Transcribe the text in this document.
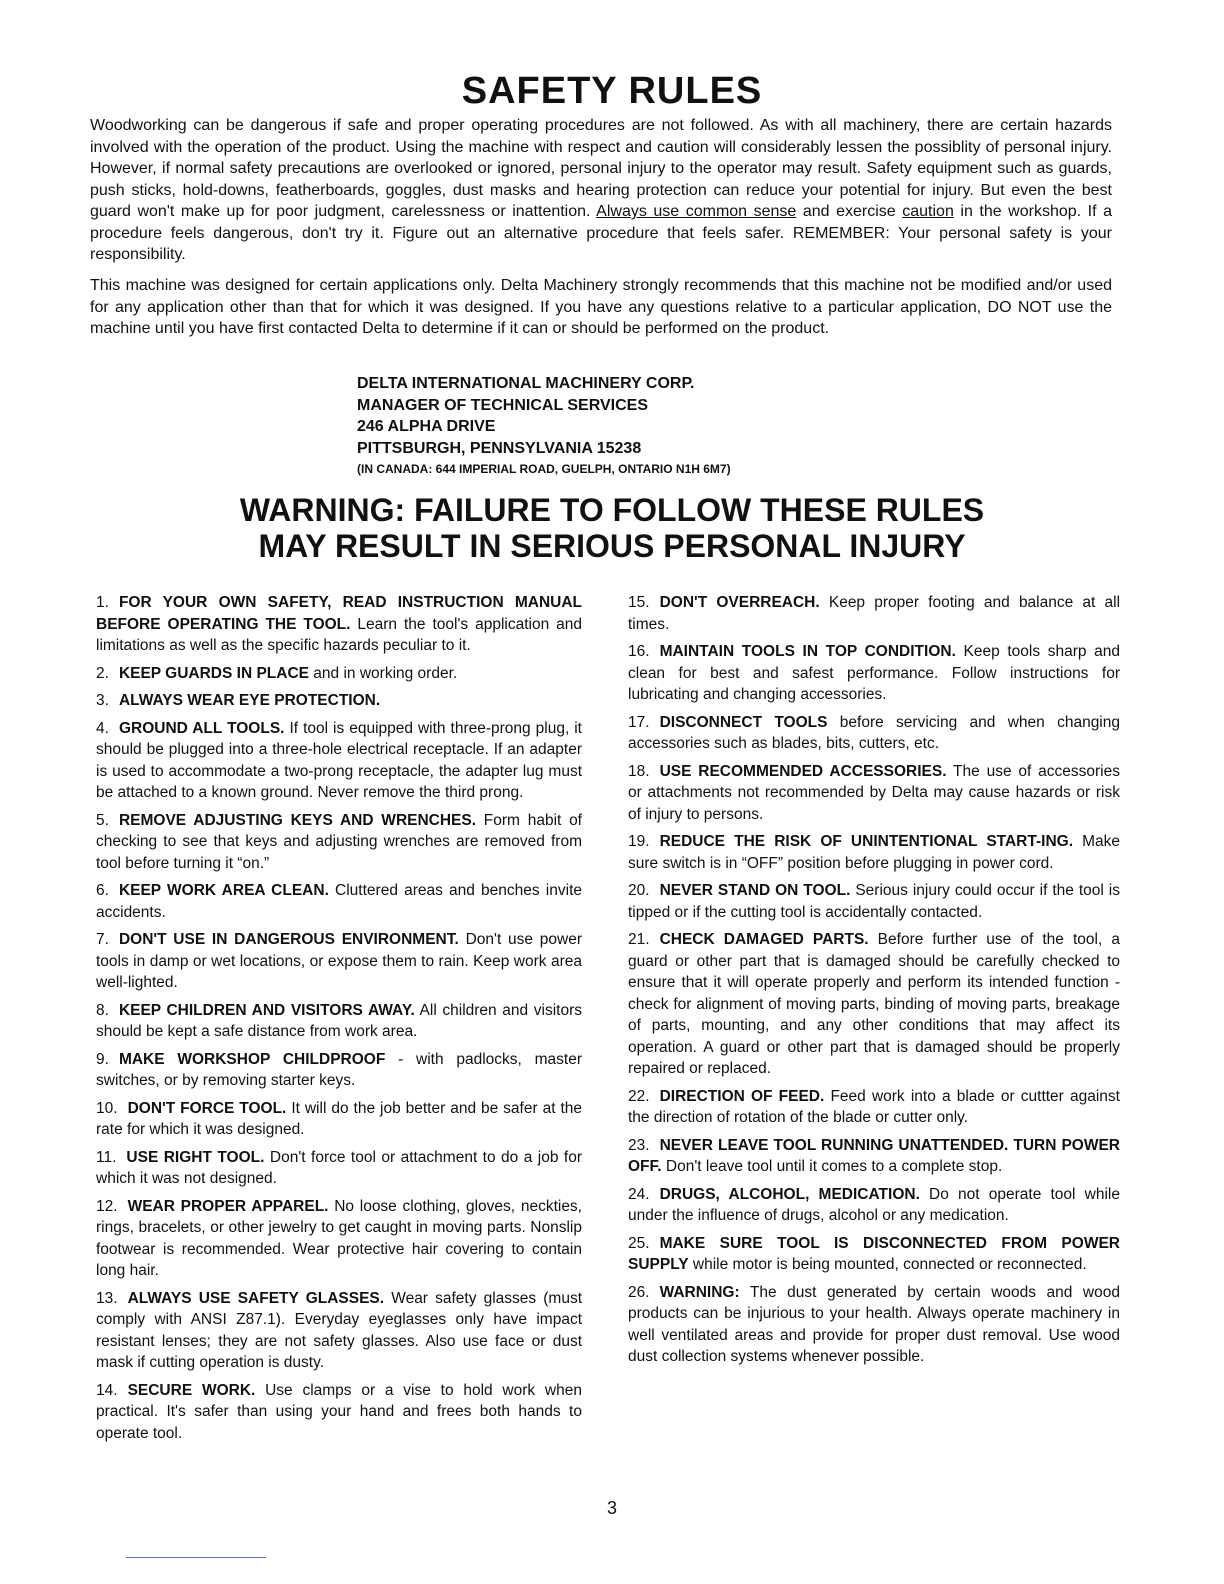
SAFETY RULES

Woodworking can be dangerous if safe and proper operating procedures are not followed. As with all machinery, there are certain hazards involved with the operation of the product. Using the machine with respect and caution will considerably lessen the possiblity of personal injury. However, if normal safety precautions are overlooked or ignored, personal injury to the operator may result. Safety equipment such as guards, push sticks, hold-downs, featherboards, goggles, dust masks and hearing protection can reduce your potential for injury. But even the best guard won't make up for poor judgment, carelessness or inattention. Always use common sense and exercise caution in the workshop. If a procedure feels dangerous, don't try it. Figure out an alternative procedure that feels safer. REMEMBER: Your personal safety is your responsibility.

This machine was designed for certain applications only. Delta Machinery strongly recommends that this machine not be modified and/or used for any application other than that for which it was designed. If you have any questions relative to a particular application, DO NOT use the machine until you have first contacted Delta to determine if it can or should be performed on the product.

DELTA INTERNATIONAL MACHINERY CORP.
MANAGER OF TECHNICAL SERVICES
246 ALPHA DRIVE
PITTSBURGH, PENNSYLVANIA 15238
(IN CANADA: 644 IMPERIAL ROAD, GUELPH, ONTARIO N1H 6M7)
WARNING: FAILURE TO FOLLOW THESE RULES
MAY RESULT IN SERIOUS PERSONAL INJURY

1. FOR YOUR OWN SAFETY, READ INSTRUCTION MANUAL BEFORE OPERATING THE TOOL. Learn the tool's application and limitations as well as the specific hazards peculiar to it.

2. KEEP GUARDS IN PLACE and in working order.

3. ALWAYS WEAR EYE PROTECTION.

4. GROUND ALL TOOLS. If tool is equipped with three-prong plug, it should be plugged into a three-hole electrical receptacle. If an adapter is used to accommodate a two-prong receptacle, the adapter lug must be attached to a known ground. Never remove the third prong.

5. REMOVE ADJUSTING KEYS AND WRENCHES. Form habit of checking to see that keys and adjusting wrenches are removed from tool before turning it “on.”

6. KEEP WORK AREA CLEAN. Cluttered areas and benches invite accidents.

7. DON'T USE IN DANGEROUS ENVIRONMENT. Don't use power tools in damp or wet locations, or expose them to rain. Keep work area well-lighted.

8. KEEP CHILDREN AND VISITORS AWAY. All children and visitors should be kept a safe distance from work area.

9. MAKE WORKSHOP CHILDPROOF - with padlocks, master switches, or by removing starter keys.

10. DON'T FORCE TOOL. It will do the job better and be safer at the rate for which it was designed.

11. USE RIGHT TOOL. Don't force tool or attachment to do a job for which it was not designed.

12. WEAR PROPER APPAREL. No loose clothing, gloves, neckties, rings, bracelets, or other jewelry to get caught in moving parts. Nonslip footwear is recommended. Wear protective hair covering to contain long hair.

13. ALWAYS USE SAFETY GLASSES. Wear safety glasses (must comply with ANSI Z87.1). Everyday eyeglasses only have impact resistant lenses; they are not safety glasses. Also use face or dust mask if cutting operation is dusty.

14. SECURE WORK. Use clamps or a vise to hold work when practical. It's safer than using your hand and frees both hands to operate tool.

15. DON'T OVERREACH. Keep proper footing and balance at all times.

16. MAINTAIN TOOLS IN TOP CONDITION. Keep tools sharp and clean for best and safest performance. Follow instructions for lubricating and changing accessories.

17. DISCONNECT TOOLS before servicing and when changing accessories such as blades, bits, cutters, etc.

18. USE RECOMMENDED ACCESSORIES. The use of accessories or attachments not recommended by Delta may cause hazards or risk of injury to persons.

19. REDUCE THE RISK OF UNINTENTIONAL START-ING. Make sure switch is in “OFF” position before plugging in power cord.

20. NEVER STAND ON TOOL. Serious injury could occur if the tool is tipped or if the cutting tool is accidentally contacted.

21. CHECK DAMAGED PARTS. Before further use of the tool, a guard or other part that is damaged should be carefully checked to ensure that it will operate properly and perform its intended function - check for alignment of moving parts, binding of moving parts, breakage of parts, mounting, and any other conditions that may affect its operation. A guard or other part that is damaged should be properly repaired or replaced.

22. DIRECTION OF FEED. Feed work into a blade or cuttter against the direction of rotation of the blade or cutter only.

23. NEVER LEAVE TOOL RUNNING UNATTENDED. TURN POWER OFF. Don't leave tool until it comes to a complete stop.

24. DRUGS, ALCOHOL, MEDICATION. Do not operate tool while under the influence of drugs, alcohol or any medication.

25. MAKE SURE TOOL IS DISCONNECTED FROM POWER SUPPLY while motor is being mounted, connected or reconnected.

26. WARNING: The dust generated by certain woods and wood products can be injurious to your health. Always operate machinery in well ventilated areas and provide for proper dust removal. Use wood dust collection systems whenever possible.

3
